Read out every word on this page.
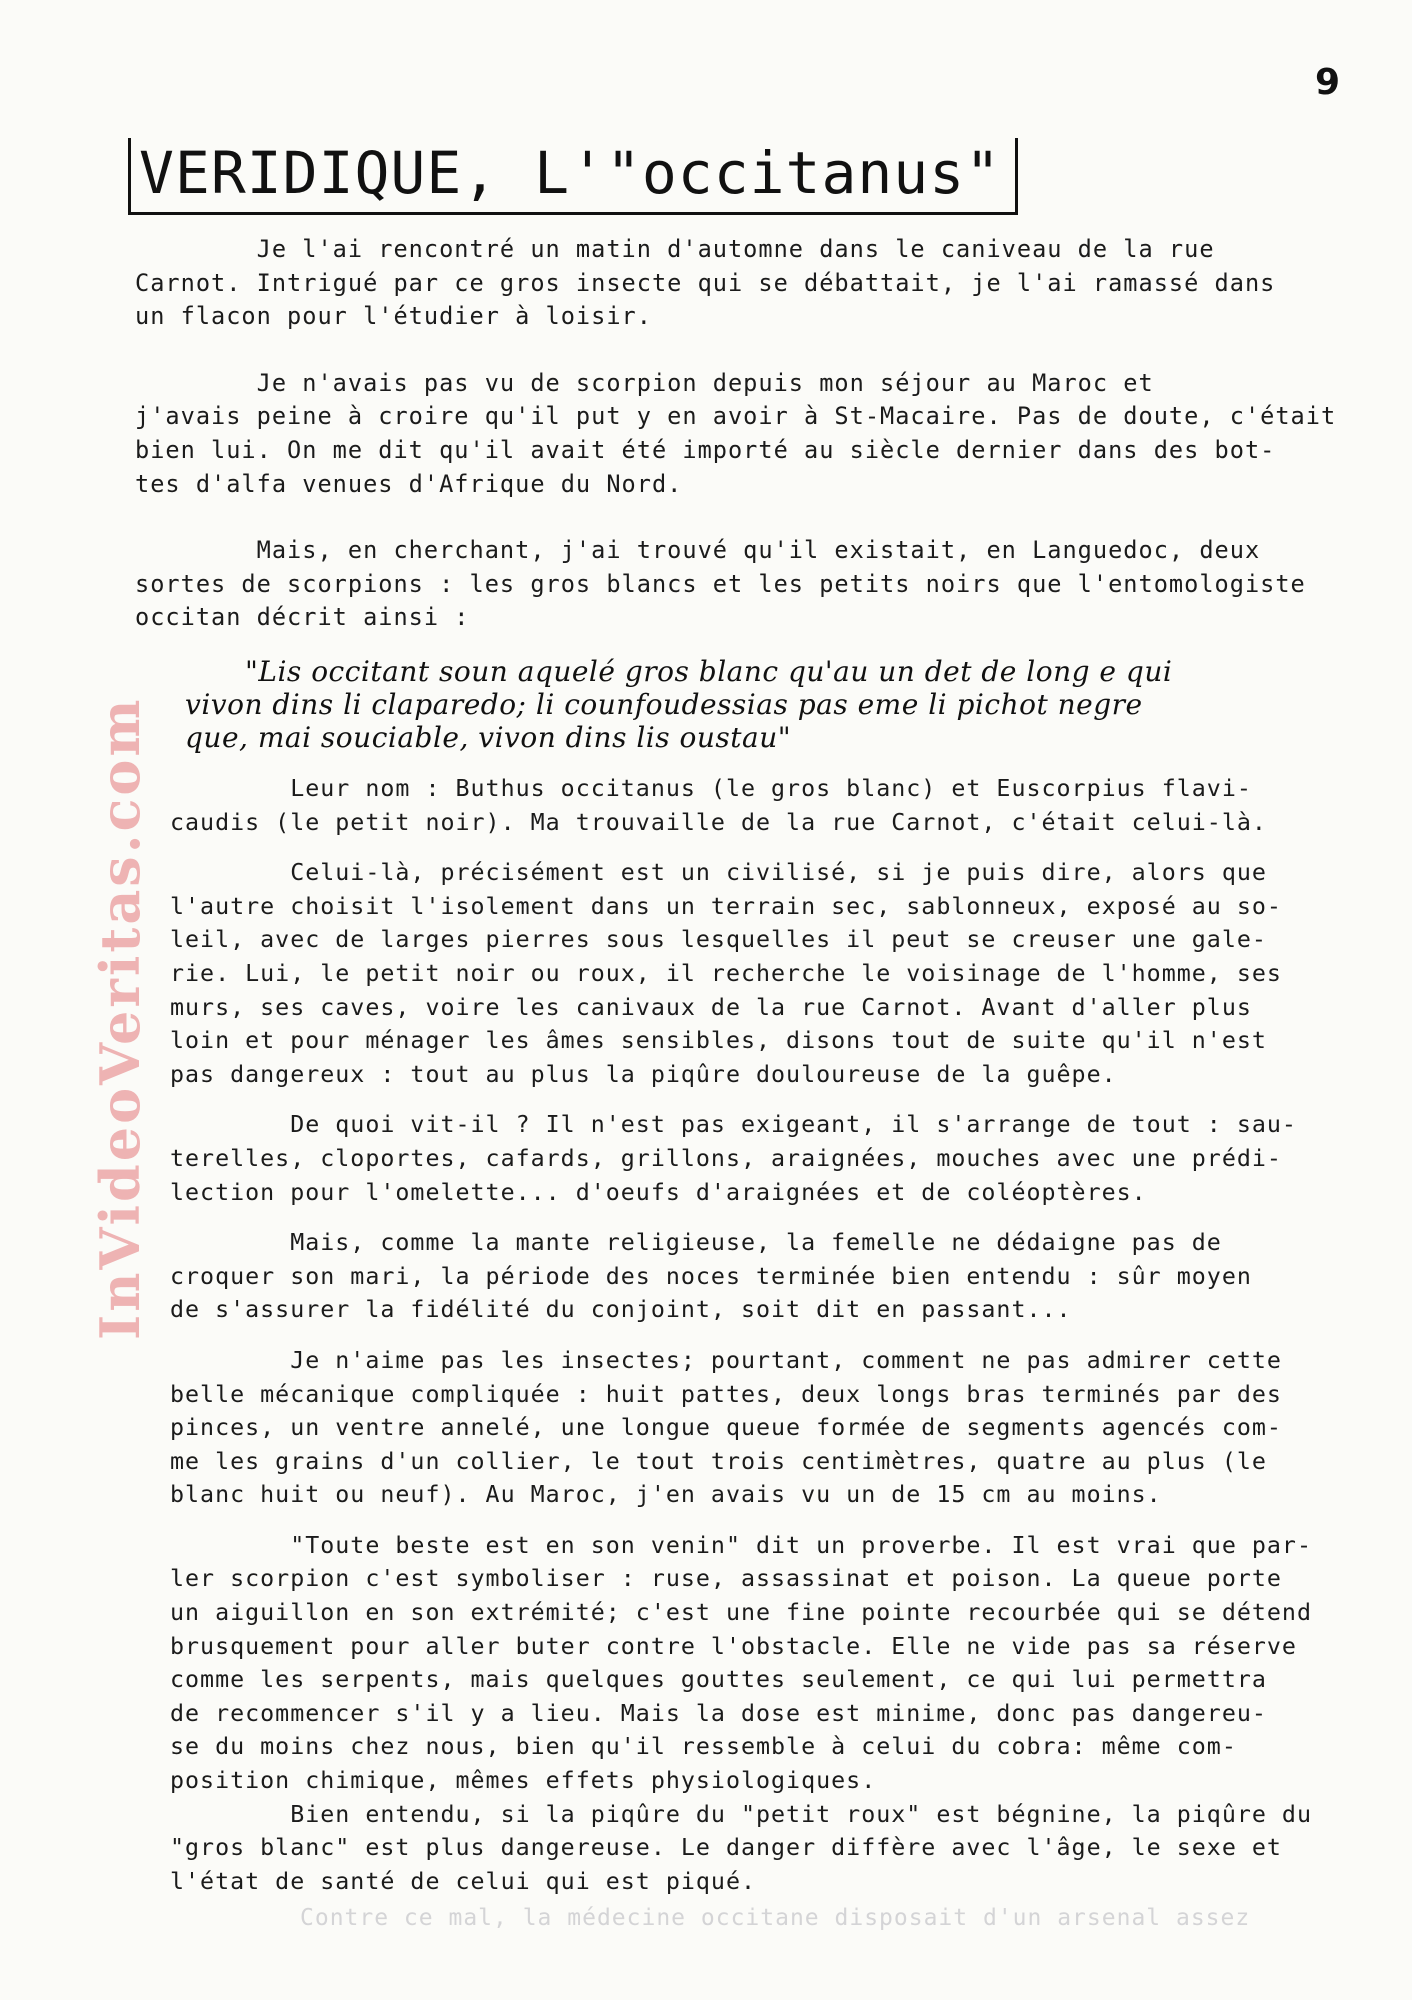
9
VERIDIQUE, L'"occitanus"
InVideoVeritas.com

Je l'ai rencontré un matin d'automne dans le caniveau de la rue

Carnot. Intrigué par ce gros insecte qui se débattait, je l'ai ramassé dans

un flacon pour l'étudier à loisir.

Je n'avais pas vu de scorpion depuis mon séjour au Maroc et

j'avais peine à croire qu'il put y en avoir à St-Macaire. Pas de doute, c'était

bien lui. On me dit qu'il avait été importé au siècle dernier dans des bot-

tes d'alfa venues d'Afrique du Nord.

Mais, en cherchant, j'ai trouvé qu'il existait, en Languedoc, deux

sortes de scorpions : les gros blancs et les petits noirs que l'entomologiste

occitan décrit ainsi :

"Lis occitant soun aquelé gros blanc qu'au un det de long e qui

vivon dins li claparedo; li counfoudessias pas eme li pichot negre

que, mai souciable, vivon dins lis oustau"

Leur nom : Buthus occitanus (le gros blanc) et Euscorpius flavi-

caudis (le petit noir). Ma trouvaille de la rue Carnot, c'était celui-là.

Celui-là, précisément est un civilisé, si je puis dire, alors que

l'autre choisit l'isolement dans un terrain sec, sablonneux, exposé au so-

leil, avec de larges pierres sous lesquelles il peut se creuser une gale-

rie. Lui, le petit noir ou roux, il recherche le voisinage de l'homme, ses

murs, ses caves, voire les canivaux de la rue Carnot. Avant d'aller plus

loin et pour ménager les âmes sensibles, disons tout de suite qu'il n'est

pas dangereux : tout au plus la piqûre douloureuse de la guêpe.

De quoi vit-il ? Il n'est pas exigeant, il s'arrange de tout : sau-

terelles, cloportes, cafards, grillons, araignées, mouches avec une prédi-

lection pour l'omelette... d'oeufs d'araignées et de coléoptères.

Mais, comme la mante religieuse, la femelle ne dédaigne pas de

croquer son mari, la période des noces terminée bien entendu : sûr moyen

de s'assurer la fidélité du conjoint, soit dit en passant...

Je n'aime pas les insectes; pourtant, comment ne pas admirer cette

belle mécanique compliquée : huit pattes, deux longs bras terminés par des

pinces, un ventre annelé, une longue queue formée de segments agencés com-

me les grains d'un collier, le tout trois centimètres, quatre au plus (le

blanc huit ou neuf). Au Maroc, j'en avais vu un de 15 cm au moins.

"Toute beste est en son venin" dit un proverbe. Il est vrai que par-

ler scorpion c'est symboliser : ruse, assassinat et poison. La queue porte

un aiguillon en son extrémité; c'est une fine pointe recourbée qui se détend

brusquement pour aller buter contre l'obstacle. Elle ne vide pas sa réserve

comme les serpents, mais quelques gouttes seulement, ce qui lui permettra

de recommencer s'il y a lieu. Mais la dose est minime, donc pas dangereu-

se du moins chez nous, bien qu'il ressemble à celui du cobra: même com-

position chimique, mêmes effets physiologiques.

Bien entendu, si la piqûre du "petit roux" est bégnine, la piqûre du

"gros blanc" est plus dangereuse. Le danger diffère avec l'âge, le sexe et

l'état de santé de celui qui est piqué.

Contre ce mal, la médecine occitane disposait d'un arsenal assez
